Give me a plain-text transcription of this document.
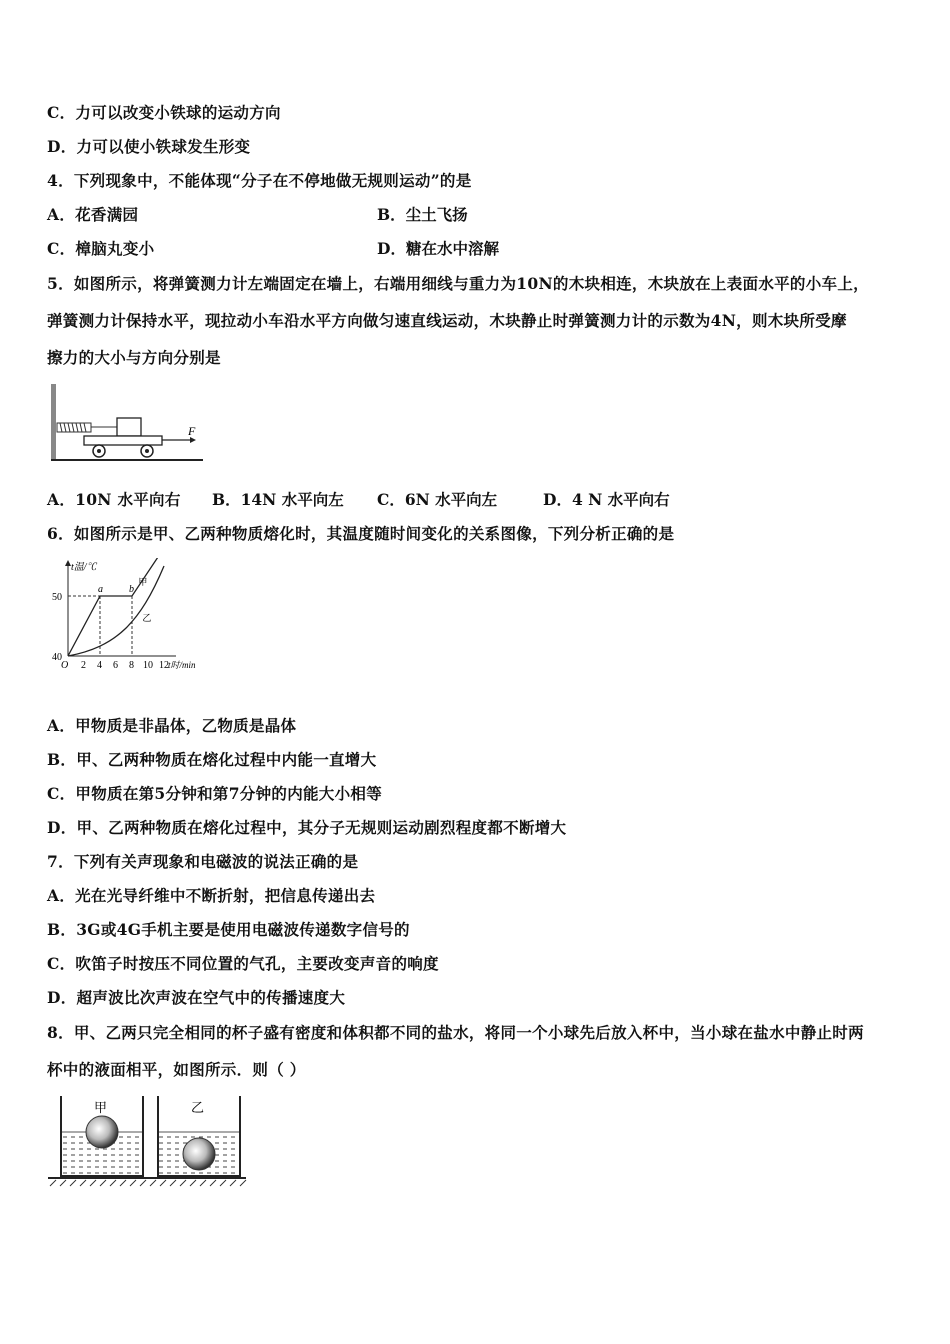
C．力可以改变小铁球的运动方向
D．力可以使小铁球发生形变
4．下列现象中，不能体现“分子在不停地做无规则运动”的是
A．花香满园	B．尘土飞扬
C．樟脑丸变小	D．糖在水中溶解
5．如图所示，将弹簧测力计左端固定在墙上，右端用细线与重力为10N的木块相连，木块放在上表面水平的小车上，
弹簧测力计保持水平，现拉动小车沿水平方向做匀速直线运动，木块静止时弹簧测力计的示数为4N，则木块所受摩
擦力的大小与方向分别是
F
A．10N 水平向右 B．14N 水平向左 C．6N 水平向左	D．4 N 水平向右
6．如图所示是甲、乙两种物质熔化时，其温度随时间变化的关系图像，下列分析正确的是
t温/℃
t时/min
40
50
O 2 4 6 8 10 12
a	b
甲
乙
A．甲物质是非晶体，乙物质是晶体
B．甲、乙两种物质在熔化过程中内能一直增大
C．甲物质在第5分钟和第7分钟的内能大小相等
D．甲、乙两种物质在熔化过程中，其分子无规则运动剧烈程度都不断增大
7．下列有关声现象和电磁波的说法正确的是
A．光在光导纤维中不断折射，把信息传递出去
B．3G或4G手机主要是使用电磁波传递数字信号的
C．吹笛子时按压不同位置的气孔，主要改变声音的响度
D．超声波比次声波在空气中的传播速度大
8．甲、乙两只完全相同的杯子盛有密度和体积都不同的盐水，将同一个小球先后放入杯中，当小球在盐水中静止时两
杯中的液面相平，如图所示．则（ ）
甲	乙
